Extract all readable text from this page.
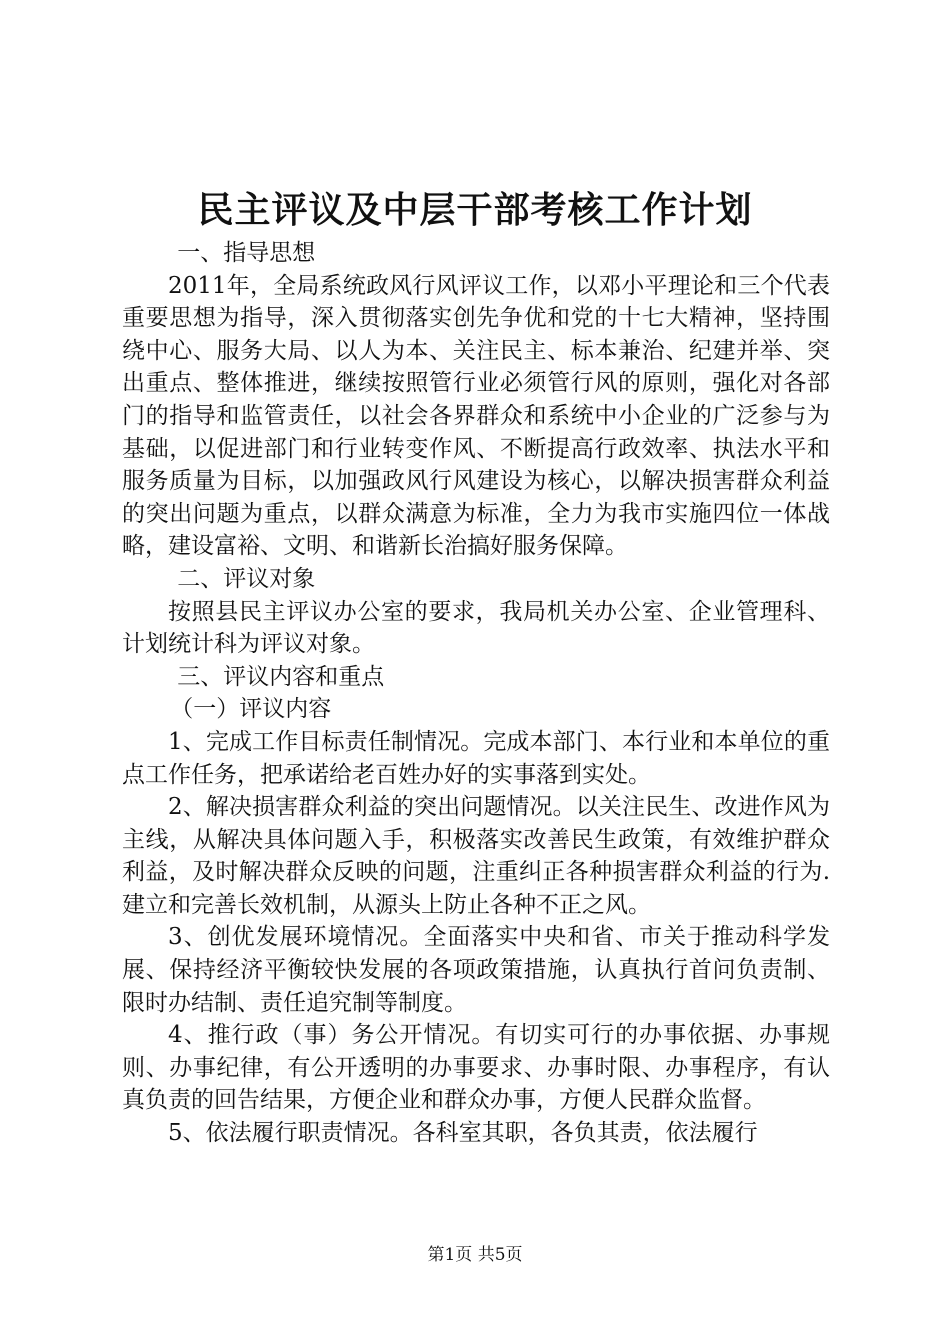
民主评议及中层干部考核工作计划

一、指导思想

2011年，全局系统政风行风评议工作，以邓小平理论和三个代表重要思想为指导，深入贯彻落实创先争优和党的十七大精神，坚持围绕中心、服务大局、以人为本、关注民主、标本兼治、纪建并举、突出重点、整体推进，继续按照管行业必须管行风的原则，强化对各部门的指导和监管责任，以社会各界群众和系统中小企业的广泛参与为基础，以促进部门和行业转变作风、不断提高行政效率、执法水平和服务质量为目标，以加强政风行风建设为核心，以解决损害群众利益的突出问题为重点，以群众满意为标准，全力为我市实施四位一体战略，建设富裕、文明、和谐新长治搞好服务保障。

二、评议对象

按照县民主评议办公室的要求，我局机关办公室、企业管理科、计划统计科为评议对象。

三、评议内容和重点

（一）评议内容

1、完成工作目标责任制情况。完成本部门、本行业和本单位的重点工作任务，把承诺给老百姓办好的实事落到实处。

2、解决损害群众利益的突出问题情况。以关注民生、改进作风为主线，从解决具体问题入手，积极落实改善民生政策，有效维护群众利益，及时解决群众反映的问题，注重纠正各种损害群众利益的行为.建立和完善长效机制，从源头上防止各种不正之风。

3、创优发展环境情况。全面落实中央和省、市关于推动科学发展、保持经济平衡较快发展的各项政策措施，认真执行首问负责制、限时办结制、责任追究制等制度。

4、推行政（事）务公开情况。有切实可行的办事依据、办事规则、办事纪律，有公开透明的办事要求、办事时限、办事程序，有认真负责的回告结果，方便企业和群众办事，方便人民群众监督。

5、依法履行职责情况。各科室其职，各负其责，依法履行

第1页 共5页
